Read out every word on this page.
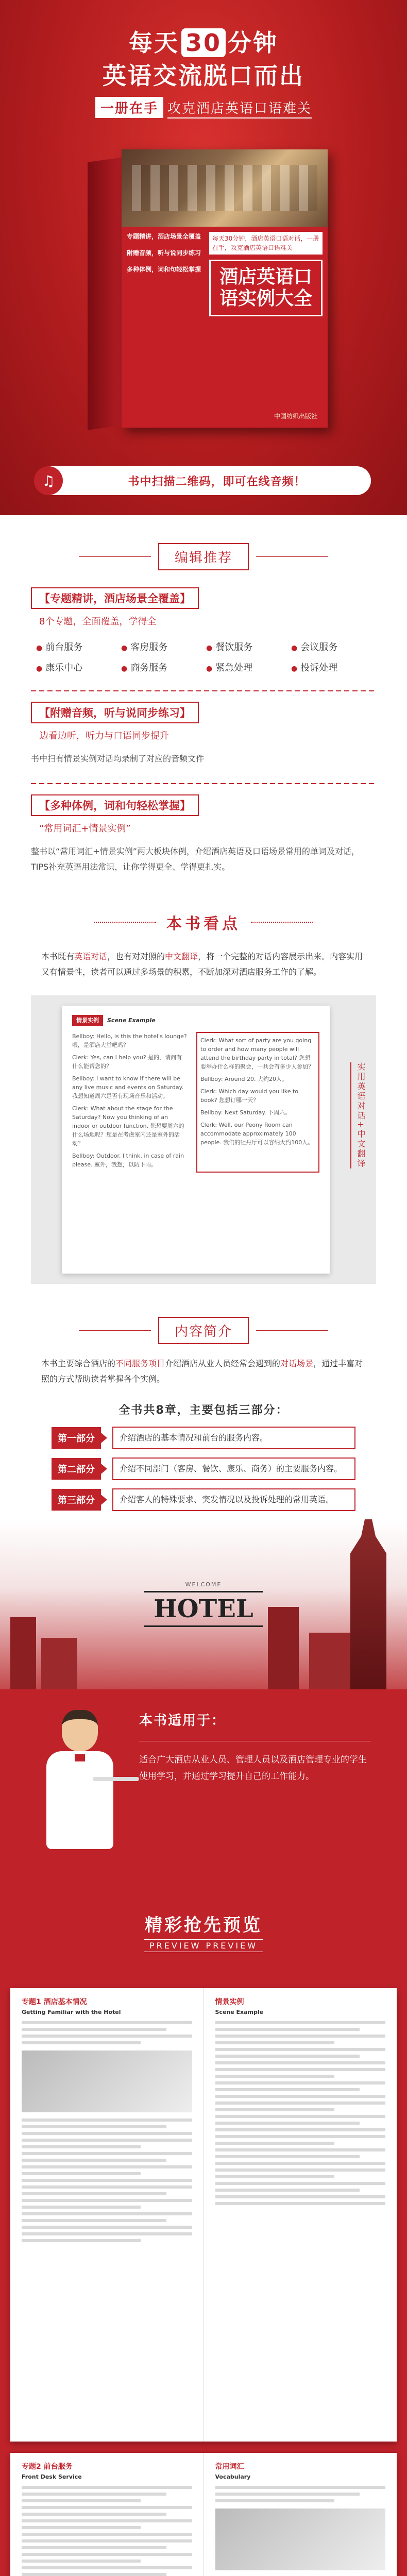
每天 30 分钟
英语交流脱口而出
一册在手 攻克酒店英语口语难关
专题精讲，酒店场景全覆盖
附赠音频，听与说同步练习
多种体例，词和句轻松掌握
每天30分钟，酒店英语口语对话，一册在手，攻克酒店英语口语难关
酒店英语口语实例大全
中国纺织出版社
♫	书中扫描二维码，即可在线音频！
编辑推荐
【专题精讲，酒店场景全覆盖】
8个专题，全面覆盖，学得全
● 前台服务	● 客房服务	● 餐饮服务	● 会议服务
● 康乐中心	● 商务服务	● 紧急处理	● 投诉处理
【附赠音频，听与说同步练习】
边看边听，听力与口语同步提升
书中扫有情景实例对话均录制了对应的音频文件
【多种体例，词和句轻松掌握】
“常用词汇+情景实例”
整书以“常用词汇+情景实例”两大板块体例，介绍酒店英语及口语场景常用的单词及对话，TIPS补充英语用法常识，让你学得更全、学得更扎实。
本书看点
本书既有英语对话，也有对对照的中文翻译，将一个完整的对话内容展示出来。内容实用又有情景性，读者可以通过多场景的积累，不断加深对酒店服务工作的了解。
情景实例	Scene Example

Bellboy: Hello, is this the hotel's lounge? 喂，是酒店大堂吧吗？

Clerk: Yes, can I help you? 是的，请问有什么能帮您的？

Bellboy: I want to know if there will be any live music and events on Saturday. 我想知道周六是否有现场音乐和活动。

Clerk: What about the stage for the Saturday? Now you thinking of an indoor or outdoor function. 您想要周六的什么场地呢？您是在考虑室内还是室外的活动？

Bellboy: Outdoor. I think, in case of rain please. 室外，我想，以防下雨。

Clerk: What sort of party are you going to order and how many people will attend the birthday party in total? 您想要举办什么样的聚会，一共会有多少人参加？

Bellboy: Around 20. 大约20人。

Clerk: Which day would you like to book? 您想订哪一天？

Bellboy: Next Saturday. 下周六。

Clerk: Well, our Peony Room can accommodate approximately 100 people. 我们的牡丹厅可以容纳大约100人。	实用英语对话+中文翻译
内容简介
本书主要综合酒店的不同服务项目介绍酒店从业人员经常会遇到的对话场景，通过丰富对照的方式帮助读者掌握各个实例。
全书共8章，主要包括三部分：
第一部分	介绍酒店的基本情况和前台的服务内容。
第二部分	介绍不同部门（客房、餐饮、康乐、商务）的主要服务内容。
第三部分	介绍客人的特殊要求、突发情况以及投诉处理的常用英语。
WELCOME
HOTEL
本书适用于：
适合广大酒店从业人员、管理人员以及酒店管理专业的学生使用学习，并通过学习提升自己的工作能力。
精彩抢先预览
PREVIEW PREVIEW
专题1 酒店基本情况
Getting Familiar with the Hotel
情景实例
Scene Example
专题2 前台服务
Front Desk Service
常用词汇
Vocabulary
